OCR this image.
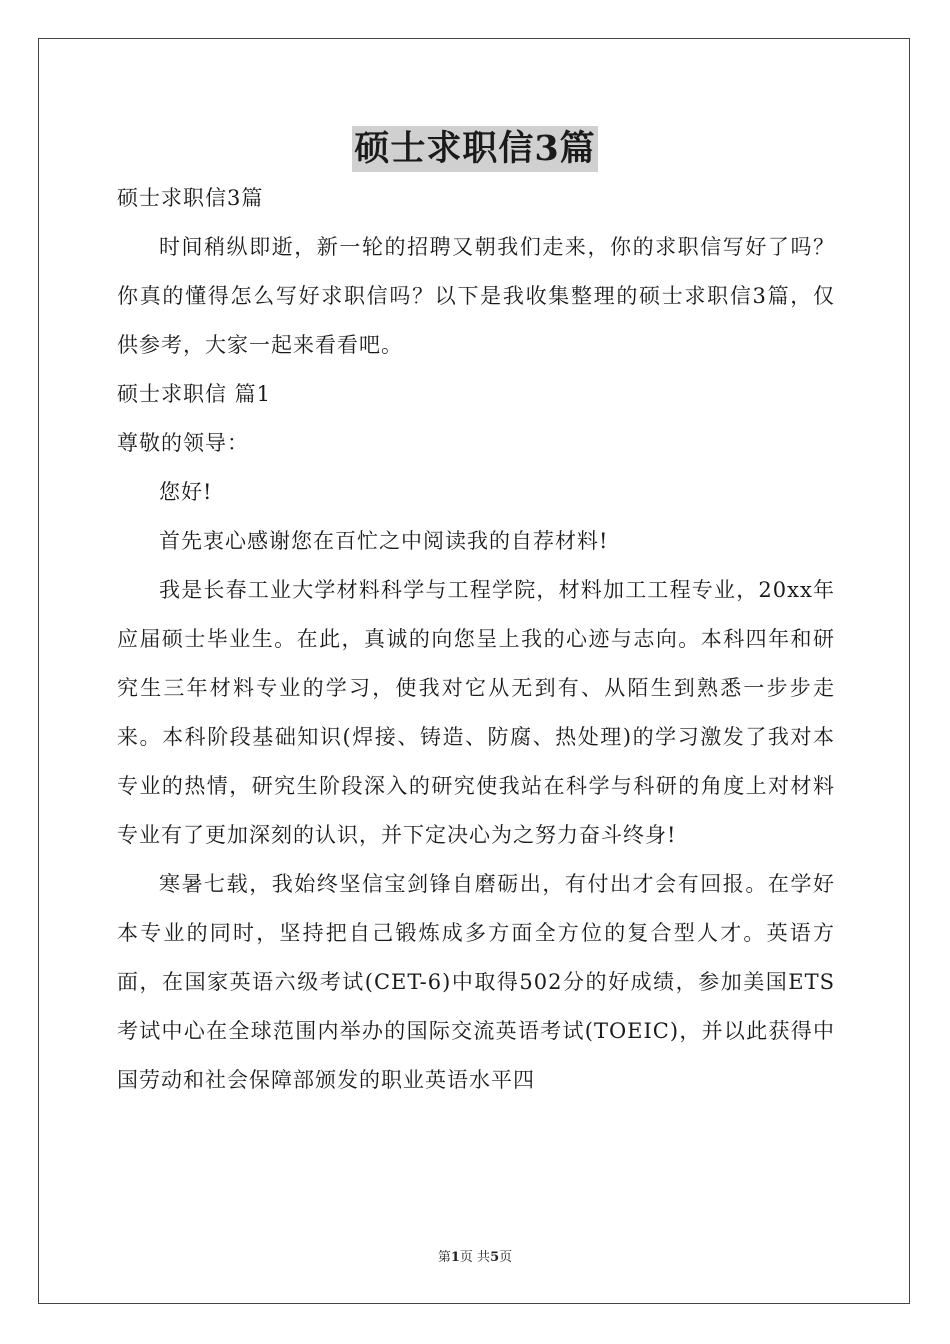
硕士求职信3篇

硕士求职信3篇

时间稍纵即逝，新一轮的招聘又朝我们走来，你的求职信写好了吗？你真的懂得怎么写好求职信吗？以下是我收集整理的硕士求职信3篇，仅供参考，大家一起来看看吧。

硕士求职信 篇1

尊敬的领导：

您好!

首先衷心感谢您在百忙之中阅读我的自荐材料!

我是长春工业大学材料科学与工程学院，材料加工工程专业，20xx年应届硕士毕业生。在此，真诚的向您呈上我的心迹与志向。本科四年和研究生三年材料专业的学习，使我对它从无到有、从陌生到熟悉一步步走来。本科阶段基础知识(焊接、铸造、防腐、热处理)的学习激发了我对本专业的热情，研究生阶段深入的研究使我站在科学与科研的角度上对材料专业有了更加深刻的认识，并下定决心为之努力奋斗终身!

寒暑七载，我始终坚信宝剑锋自磨砺出，有付出才会有回报。在学好本专业的同时，坚持把自己锻炼成多方面全方位的复合型人才。英语方面，在国家英语六级考试(CET-6)中取得502分的好成绩，参加美国ETS考试中心在全球范围内举办的国际交流英语考试(TOEIC)，并以此获得中国劳动和社会保障部颁发的职业英语水平四

第1页 共5页
